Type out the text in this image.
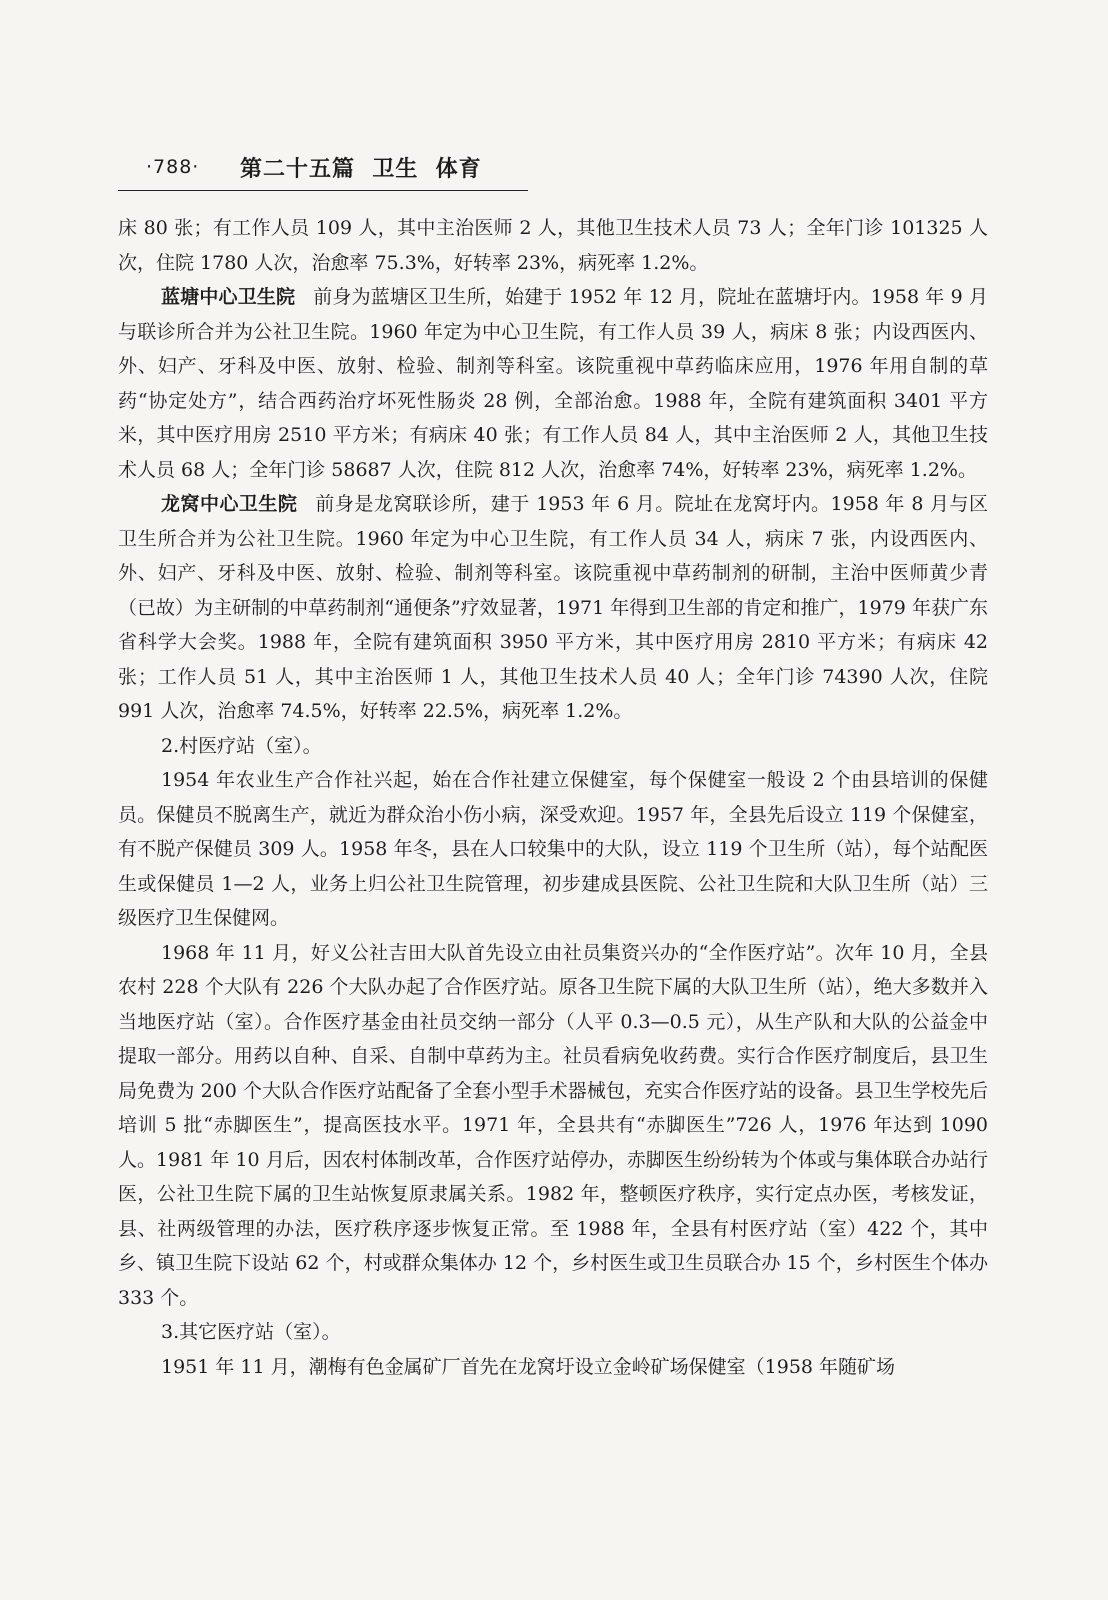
·788· 第二十五篇  卫生  体育

床 80 张；有工作人员 109 人，其中主治医师 2 人，其他卫生技术人员 73 人；全年门诊 101325 人次，住院 1780 人次，治愈率 75.3%，好转率 23%，病死率 1.2%。

蓝塘中心卫生院 前身为蓝塘区卫生所，始建于 1952 年 12 月，院址在蓝塘圩内。1958 年 9 月与联诊所合并为公社卫生院。1960 年定为中心卫生院，有工作人员 39 人，病床 8 张；内设西医内、外、妇产、牙科及中医、放射、检验、制剂等科室。该院重视中草药临床应用，1976 年用自制的草药“协定处方”，结合西药治疗坏死性肠炎 28 例，全部治愈。1988 年，全院有建筑面积 3401 平方米，其中医疗用房 2510 平方米；有病床 40 张；有工作人员 84 人，其中主治医师 2 人，其他卫生技术人员 68 人；全年门诊 58687 人次，住院 812 人次，治愈率 74%，好转率 23%，病死率 1.2%。

龙窝中心卫生院 前身是龙窝联诊所，建于 1953 年 6 月。院址在龙窝圩内。1958 年 8 月与区卫生所合并为公社卫生院。1960 年定为中心卫生院，有工作人员 34 人，病床 7 张，内设西医内、外、妇产、牙科及中医、放射、检验、制剂等科室。该院重视中草药制剂的研制，主治中医师黄少青（已故）为主研制的中草药制剂“通便条”疗效显著，1971 年得到卫生部的肯定和推广，1979 年获广东省科学大会奖。1988 年，全院有建筑面积 3950 平方米，其中医疗用房 2810 平方米；有病床 42 张；工作人员 51 人，其中主治医师 1 人，其他卫生技术人员 40 人；全年门诊 74390 人次，住院 991 人次，治愈率 74.5%，好转率 22.5%，病死率 1.2%。

2.村医疗站（室）。

1954 年农业生产合作社兴起，始在合作社建立保健室，每个保健室一般设 2 个由县培训的保健员。保健员不脱离生产，就近为群众治小伤小病，深受欢迎。1957 年，全县先后设立 119 个保健室，有不脱产保健员 309 人。1958 年冬，县在人口较集中的大队，设立 119 个卫生所（站），每个站配医生或保健员 1—2 人，业务上归公社卫生院管理，初步建成县医院、公社卫生院和大队卫生所（站）三级医疗卫生保健网。

1968 年 11 月，好义公社吉田大队首先设立由社员集资兴办的“全作医疗站”。次年 10 月，全县农村 228 个大队有 226 个大队办起了合作医疗站。原各卫生院下属的大队卫生所（站），绝大多数并入当地医疗站（室）。合作医疗基金由社员交纳一部分（人平 0.3—0.5 元），从生产队和大队的公益金中提取一部分。用药以自种、自采、自制中草药为主。社员看病免收药费。实行合作医疗制度后，县卫生局免费为 200 个大队合作医疗站配备了全套小型手术器械包，充实合作医疗站的设备。县卫生学校先后培训 5 批“赤脚医生”，提高医技水平。1971 年，全县共有“赤脚医生”726 人，1976 年达到 1090 人。1981 年 10 月后，因农村体制改革，合作医疗站停办，赤脚医生纷纷转为个体或与集体联合办站行医，公社卫生院下属的卫生站恢复原隶属关系。1982 年，整顿医疗秩序，实行定点办医，考核发证，县、社两级管理的办法，医疗秩序逐步恢复正常。至 1988 年，全县有村医疗站（室）422 个，其中乡、镇卫生院下设站 62 个，村或群众集体办 12 个，乡村医生或卫生员联合办 15 个，乡村医生个体办 333 个。

3.其它医疗站（室）。

1951 年 11 月，潮梅有色金属矿厂首先在龙窝圩设立金岭矿场保健室（1958 年随矿场
